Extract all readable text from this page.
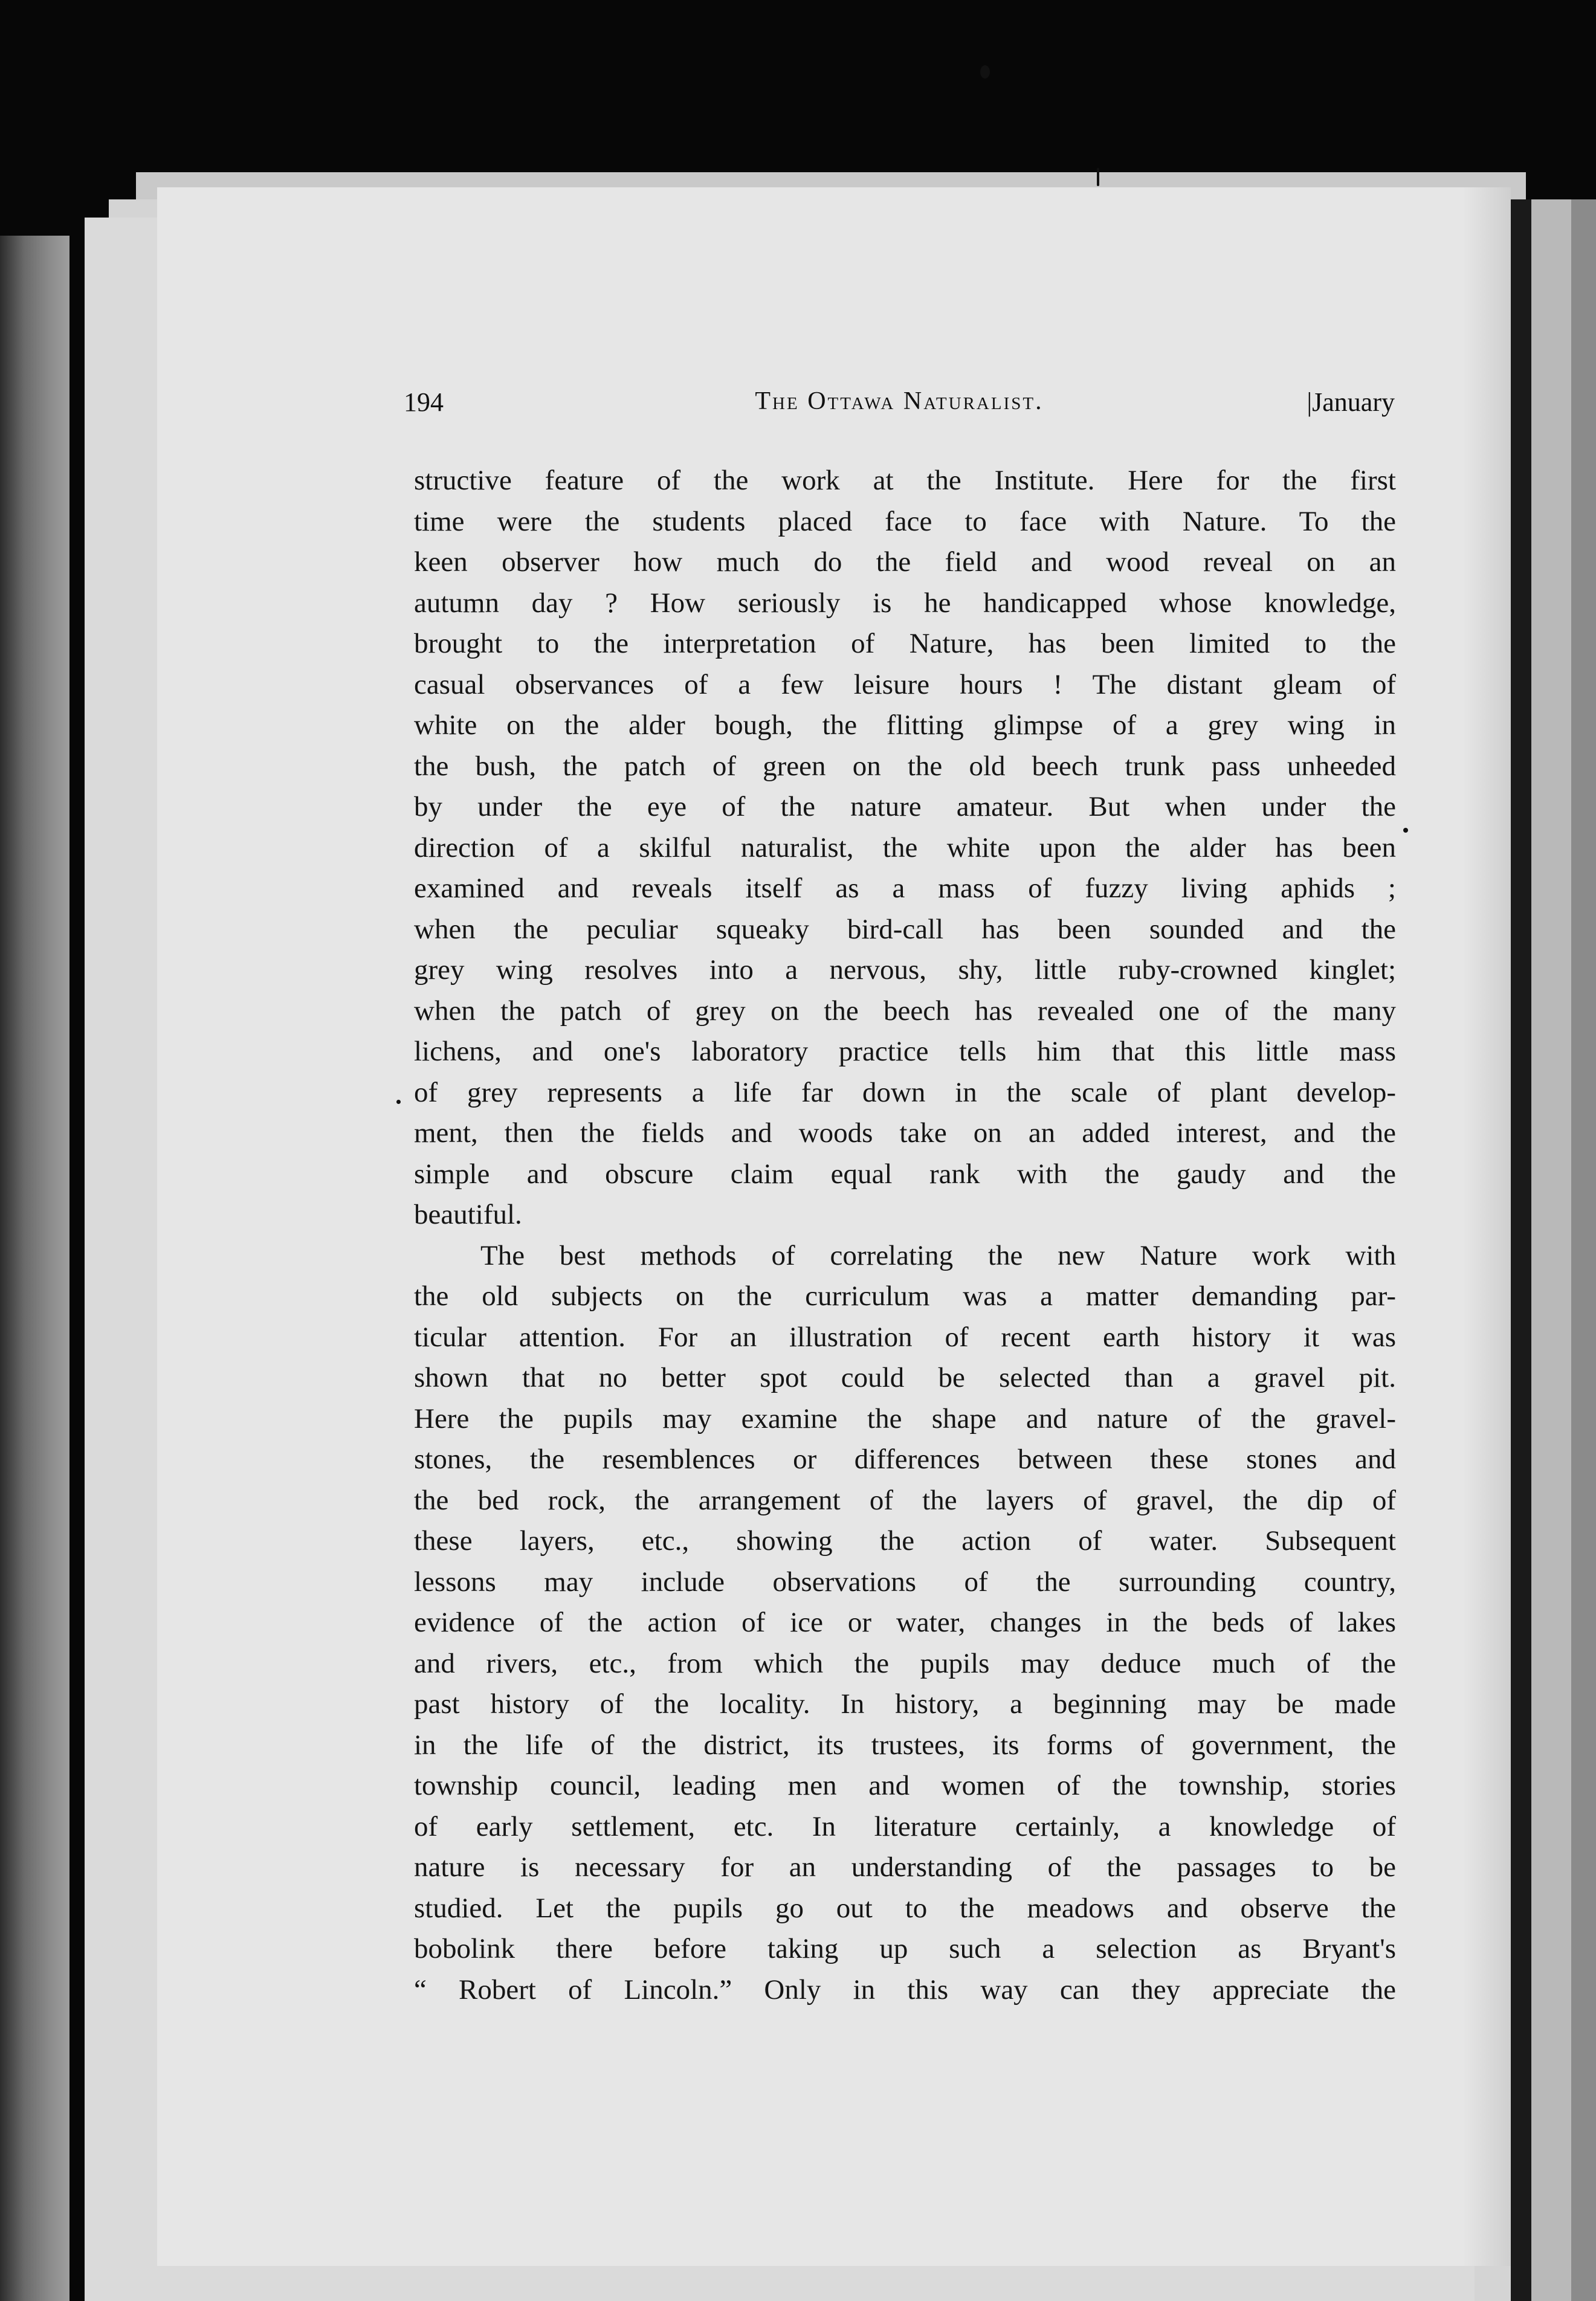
194	The Ottawa Naturalist.	|January
structive feature of the work at the Institute. Here for the first
time were the students placed face to face with Nature. To the
keen observer how much do the field and wood reveal on an
autumn day ? How seriously is he handicapped whose knowledge,
brought to the interpretation of Nature, has been limited to the
casual observances of a few leisure hours ! The distant gleam of
white on the alder bough, the flitting glimpse of a grey wing in
the bush, the patch of green on the old beech trunk pass unheeded
by under the eye of the nature amateur. But when under the
direction of a skilful naturalist, the white upon the alder has been
examined and reveals itself as a mass of fuzzy living aphids ;
when the peculiar squeaky bird-call has been sounded and the
grey wing resolves into a nervous, shy, little ruby-crowned kinglet;
when the patch of grey on the beech has revealed one of the many
lichens, and one's laboratory practice tells him that this little mass
of grey represents a life far down in the scale of plant develop-
ment, then the fields and woods take on an added interest, and the
simple and obscure claim equal rank with the gaudy and the
beautiful.
The best methods of correlating the new Nature work with
the old subjects on the curriculum was a matter demanding par-
ticular attention. For an illustration of recent earth history it was
shown that no better spot could be selected than a gravel pit.
Here the pupils may examine the shape and nature of the gravel-
stones, the resemblences or differences between these stones and
the bed rock, the arrangement of the layers of gravel, the dip of
these layers, etc., showing the action of water. Subsequent
lessons may include observations of the surrounding country,
evidence of the action of ice or water, changes in the beds of lakes
and rivers, etc., from which the pupils may deduce much of the
past history of the locality. In history, a beginning may be made
in the life of the district, its trustees, its forms of government, the
township council, leading men and women of the township, stories
of early settlement, etc. In literature certainly, a knowledge of
nature is necessary for an understanding of the passages to be
studied. Let the pupils go out to the meadows and observe the
bobolink there before taking up such a selection as Bryant's
“ Robert of Lincoln.” Only in this way can they appreciate the
